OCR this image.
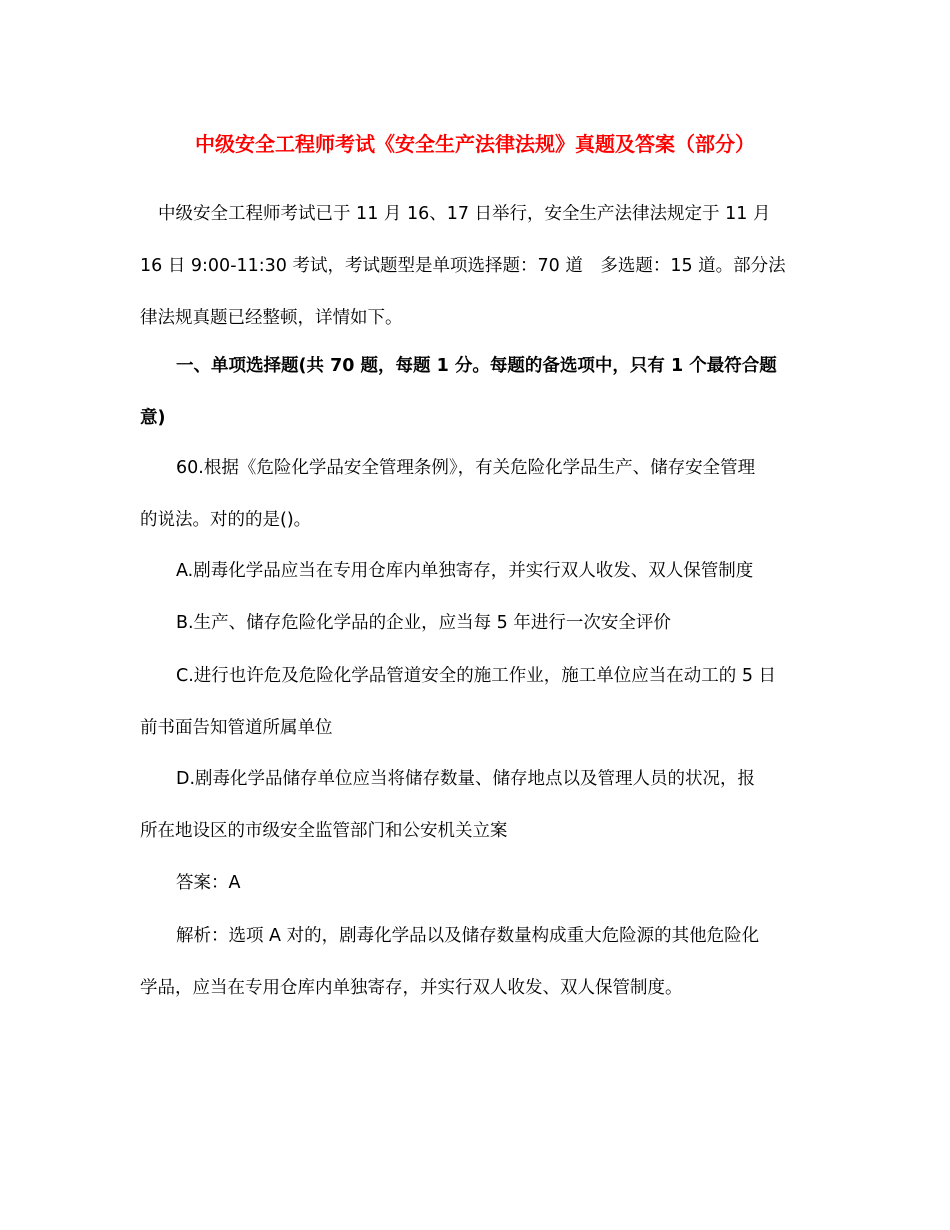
中级安全工程师考试《安全生产法律法规》真题及答案（部分）
中级安全工程师考试已于 11 月 16、17 日举行，安全生产法律法规定于 11 月
16 日 9:00-11:30 考试，考试题型是单项选择题：70 道　多选题：15 道。部分法
律法规真题已经整顿，详情如下。
一、单项选择题(共 70 题，每题 1 分。每题的备选项中，只有 1 个最符合题
意)
60.根据《危险化学品安全管理条例》，有关危险化学品生产、储存安全管理
的说法。对的的是()。
A.剧毒化学品应当在专用仓库内单独寄存，并实行双人收发、双人保管制度
B.生产、储存危险化学品的企业，应当每 5 年进行一次安全评价
C.进行也许危及危险化学品管道安全的施工作业，施工单位应当在动工的 5 日
前书面告知管道所属单位
D.剧毒化学品储存单位应当将储存数量、储存地点以及管理人员的状况，报
所在地设区的市级安全监管部门和公安机关立案
答案：A
解析：选项 A 对的，剧毒化学品以及储存数量构成重大危险源的其他危险化
学品，应当在专用仓库内单独寄存，并实行双人收发、双人保管制度。
